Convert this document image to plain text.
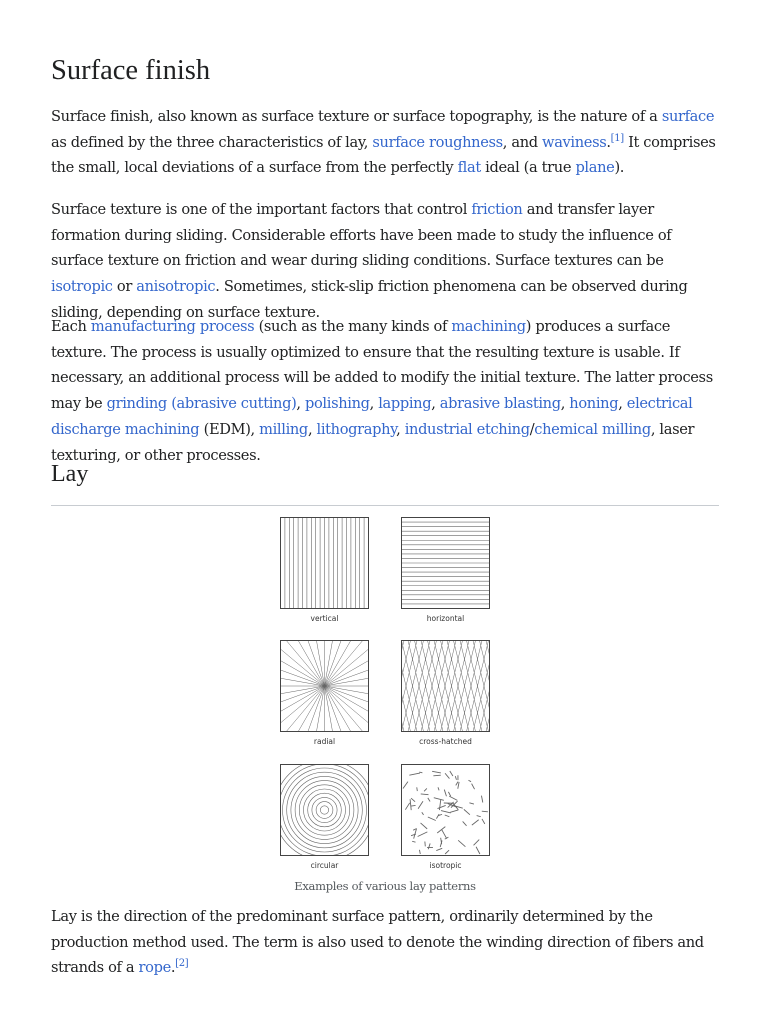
Surface finish

Surface finish, also known as surface texture or surface topography, is the nature of a surface as defined by the three characteristics of lay, surface roughness, and waviness.[1] It comprises the small, local deviations of a surface from the perfectly flat ideal (a true plane).

Surface texture is one of the important factors that control friction and transfer layer formation during sliding. Considerable efforts have been made to study the influence of surface texture on friction and wear during sliding conditions. Surface textures can be isotropic or anisotropic. Sometimes, stick-slip friction phenomena can be observed during sliding, depending on surface texture.

Each manufacturing process (such as the many kinds of machining) produces a surface texture. The process is usually optimized to ensure that the resulting texture is usable. If necessary, an additional process will be added to modify the initial texture. The latter process may be grinding (abrasive cutting), polishing, lapping, abrasive blasting, honing, electrical discharge machining (EDM), milling, lithography, industrial etching/chemical milling, laser texturing, or other processes.

Lay
vertical	horizontal
radial	cross-hatched
circular	isotropic
Examples of various lay patterns

Lay is the direction of the predominant surface pattern, ordinarily determined by the production method used. The term is also used to denote the winding direction of fibers and strands of a rope.[2]
